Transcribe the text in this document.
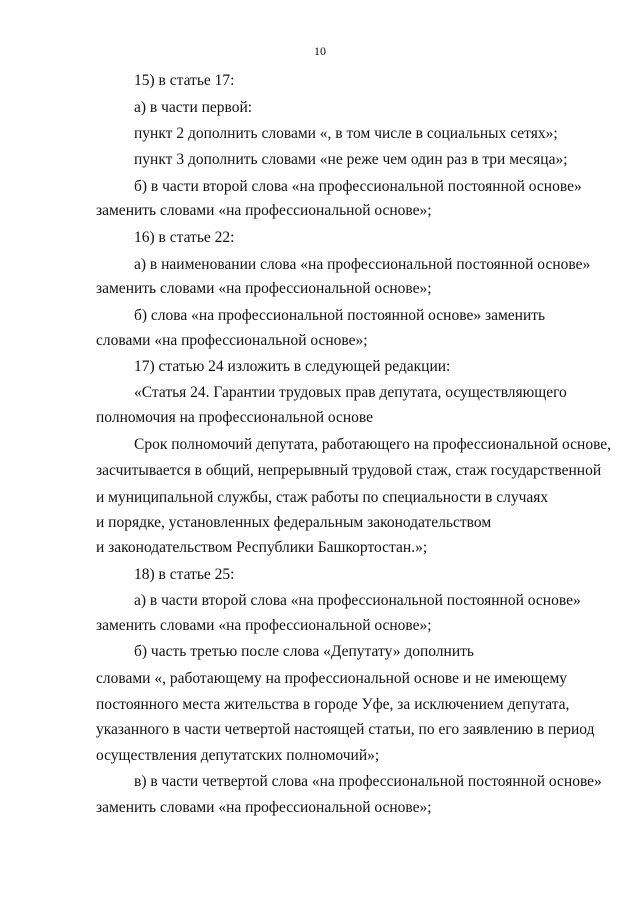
10
15) в статье 17:
а) в части первой:
пункт 2 дополнить словами «, в том числе в социальных сетях»;
пункт 3 дополнить словами «не реже чем один раз в три месяца»;
б) в части второй слова «на профессиональной постоянной основе»
заменить словами «на профессиональной основе»;
16) в статье 22:
а) в наименовании слова «на профессиональной постоянной основе»
заменить словами «на профессиональной основе»;
б) слова «на профессиональной постоянной основе» заменить
словами «на профессиональной основе»;
17) статью 24 изложить в следующей редакции:
«Статья 24. Гарантии трудовых прав депутата, осуществляющего
полномочия на профессиональной основе
Срок полномочий депутата, работающего на профессиональной основе,
засчитывается в общий, непрерывный трудовой стаж, стаж государственной
и муниципальной службы, стаж работы по специальности в случаях
и порядке, установленных федеральным законодательством
и законодательством Республики Башкортостан.»;
18) в статье 25:
а) в части второй слова «на профессиональной постоянной основе»
заменить словами «на профессиональной основе»;
б) часть третью после слова «Депутату» дополнить
словами «, работающему на профессиональной основе и не имеющему
постоянного места жительства в городе Уфе, за исключением депутата,
указанного в части четвертой настоящей статьи, по его заявлению в период
осуществления депутатских полномочий»;
в) в части четвертой слова «на профессиональной постоянной основе»
заменить словами «на профессиональной основе»;
